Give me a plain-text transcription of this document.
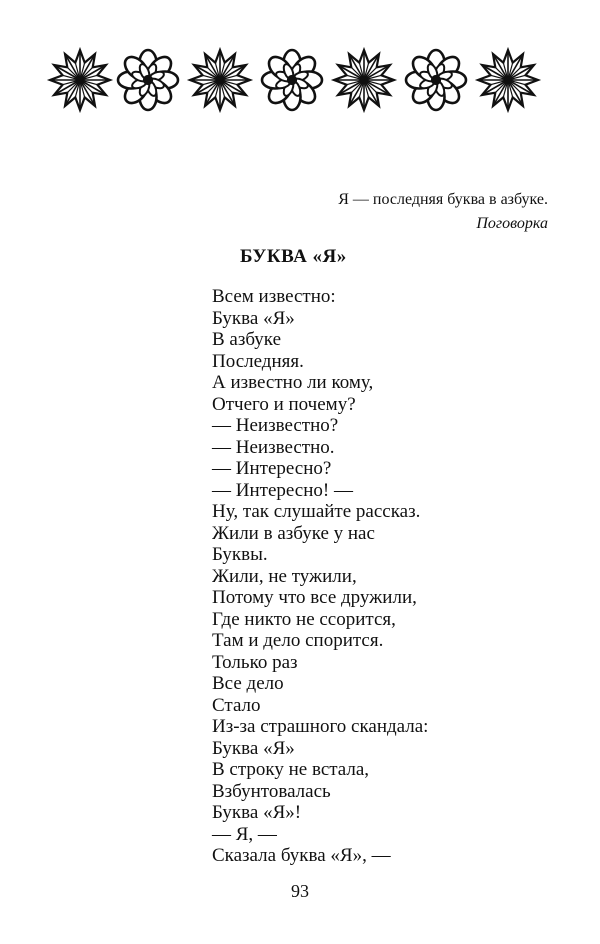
Я — последняя буква в азбуке.
Поговорка
БУКВА «Я»
Всем известно:
Буква «Я»
В азбуке
Последняя.
А известно ли кому,
Отчего и почему?
— Неизвестно?
— Неизвестно.
— Интересно?
— Интересно! —
Ну, так слушайте рассказ.
Жили в азбуке у нас
Буквы.
Жили, не тужили,
Потому что все дружили,
Где никто не ссорится,
Там и дело спорится.
Только раз
Все дело
Стало
Из-за страшного скандала:
Буква «Я»
В строку не встала,
Взбунтовалась
Буква «Я»!
— Я, —
Сказала буква «Я», —
93
